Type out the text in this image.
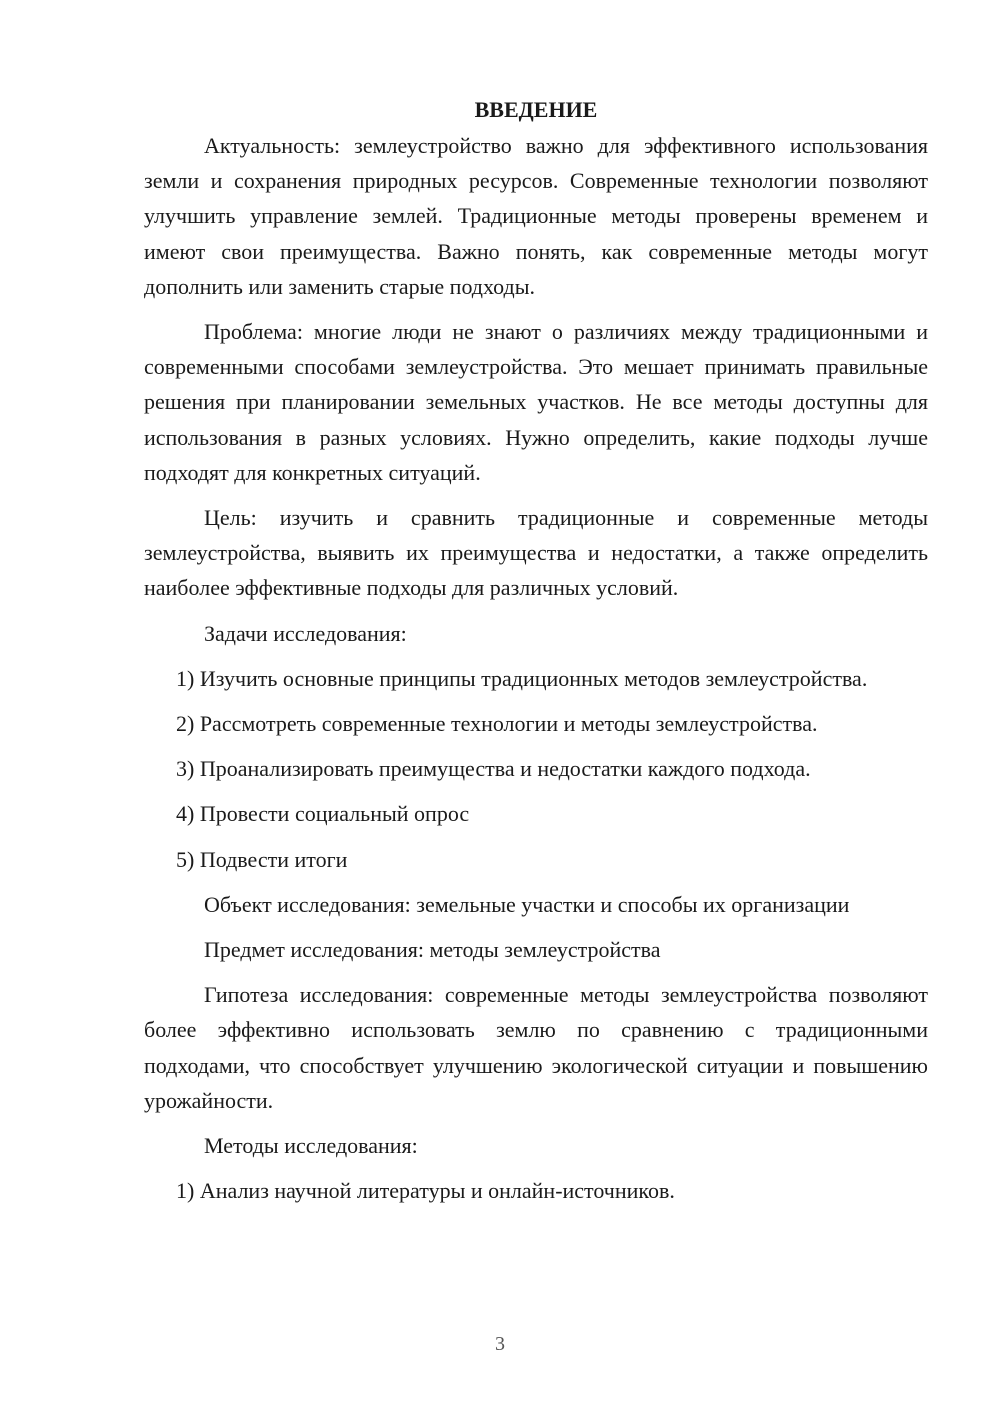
ВВЕДЕНИЕ

Актуальность: землеустройство важно для эффективного использования земли и сохранения природных ресурсов. Современные технологии позволяют улучшить управление землей. Традиционные методы проверены временем и имеют свои преимущества. Важно понять, как современные методы могут дополнить или заменить старые подходы.

Проблема: многие люди не знают о различиях между традиционными и современными способами землеустройства. Это мешает принимать правильные решения при планировании земельных участков. Не все методы доступны для использования в разных условиях. Нужно определить, какие подходы лучше подходят для конкретных ситуаций.

Цель: изучить и сравнить традиционные и современные методы землеустройства, выявить их преимущества и недостатки, а также определить наиболее эффективные подходы для различных условий.

Задачи исследования:

1) Изучить основные принципы традиционных методов землеустройства.

2) Рассмотреть современные технологии и методы землеустройства.

3) Проанализировать преимущества и недостатки каждого подхода.

4) Провести социальный опрос

5) Подвести итоги

Объект исследования: земельные участки и способы их организации

Предмет исследования: методы землеустройства

Гипотеза исследования: современные методы землеустройства позволяют более эффективно использовать землю по сравнению с традиционными подходами, что способствует улучшению экологической ситуации и повышению урожайности.

Методы исследования:

1) Анализ научной литературы и онлайн-источников.

3
